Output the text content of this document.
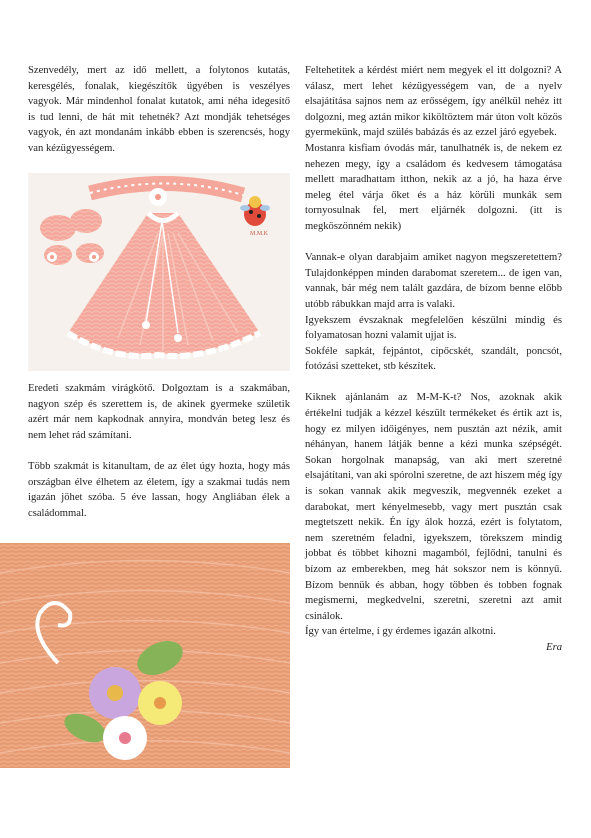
Szenvedély, mert az idő mellett, a folytonos kutatás, keresgélés, fonalak, kiegészítők ügyében is veszélyes vagyok. Már mindenhol fonalat kutatok, ami néha idegesítő is tud lenni, de hát mit tehetnék? Azt mondják tehetséges vagyok, én azt mondanám inkább ebben is szerencsés, hogy van kézügyességem.

M.M.K

Eredeti szakmám virágkötő. Dolgoztam is a szakmában, nagyon szép és szerettem is, de akinek gyermeke születik azért már nem kapkodnak annyira, mondván beteg lesz és nem lehet rád számítani.

Több szakmát is kitanultam, de az élet úgy hozta, hogy más országban élve élhetem az életem, így a szakmai tudás nem igazán jöhet szóba. 5 éve lassan, hogy Angliában élek a családommal.

Feltehetitek a kérdést miért nem megyek el itt dolgozni? A válasz, mert lehet kézügyességem van, de a nyelv elsajátítása sajnos nem az erősségem, így anélkül nehéz itt dolgozni, meg aztán mikor kiköltöztem már úton volt közös gyermekünk, majd szülés babázás és az ezzel járó egyebek.

Mostanra kisfiam óvodás már, tanulhatnék is, de nekem ez nehezen megy, így a családom és kedvesem támogatása mellett maradhattam itthon, nekik az a jó, ha haza érve meleg étel várja őket és a ház körüli munkák sem tornyosulnak fel, mert eljárnék dolgozni. (itt is megköszönném nekik)

Vannak-e olyan darabjaim amiket nagyon megszeretettem? Tulajdonképpen minden darabomat szeretem... de igen van, vannak, bár még nem talált gazdára, de bízom benne előbb utóbb rábukkan majd arra is valaki.

Igyekszem évszaknak megfelelően készülni mindig és folyamatosan hozni valamit ujjat is.

Sokféle sapkát, fejpántot, cipőcskét, szandált, poncsót, fotózási szetteket, stb készítek.

Kiknek ajánlanám az M-M-K-t? Nos, azoknak akik értékelni tudják a kézzel készült termékeket és értik azt is, hogy ez milyen időigényes, nem pusztán azt nézik, amit néhányan, hanem látják benne a kézi munka szépségét. Sokan horgolnak manapság, van aki mert szeretné elsajátítani, van aki spórolni szeretne, de azt hiszem még így is sokan vannak akik megveszik, megvennék ezeket a darabokat, mert kényelmesebb, vagy mert pusztán csak megtetszett nekik. Én így álok hozzá, ezért is folytatom, nem szeretném feladni, igyekszem, törekszem mindig jobbat és többet kihozni magamból, fejlődni, tanulni és bízom az emberekben, meg hát sokszor nem is könnyű. Bízom bennük és abban, hogy többen és tobben fognak megismerni, megkedvelni, szeretni, szeretni azt amit csinálok.

Így van értelme, í gy érdemes igazán alkotni.

Era
